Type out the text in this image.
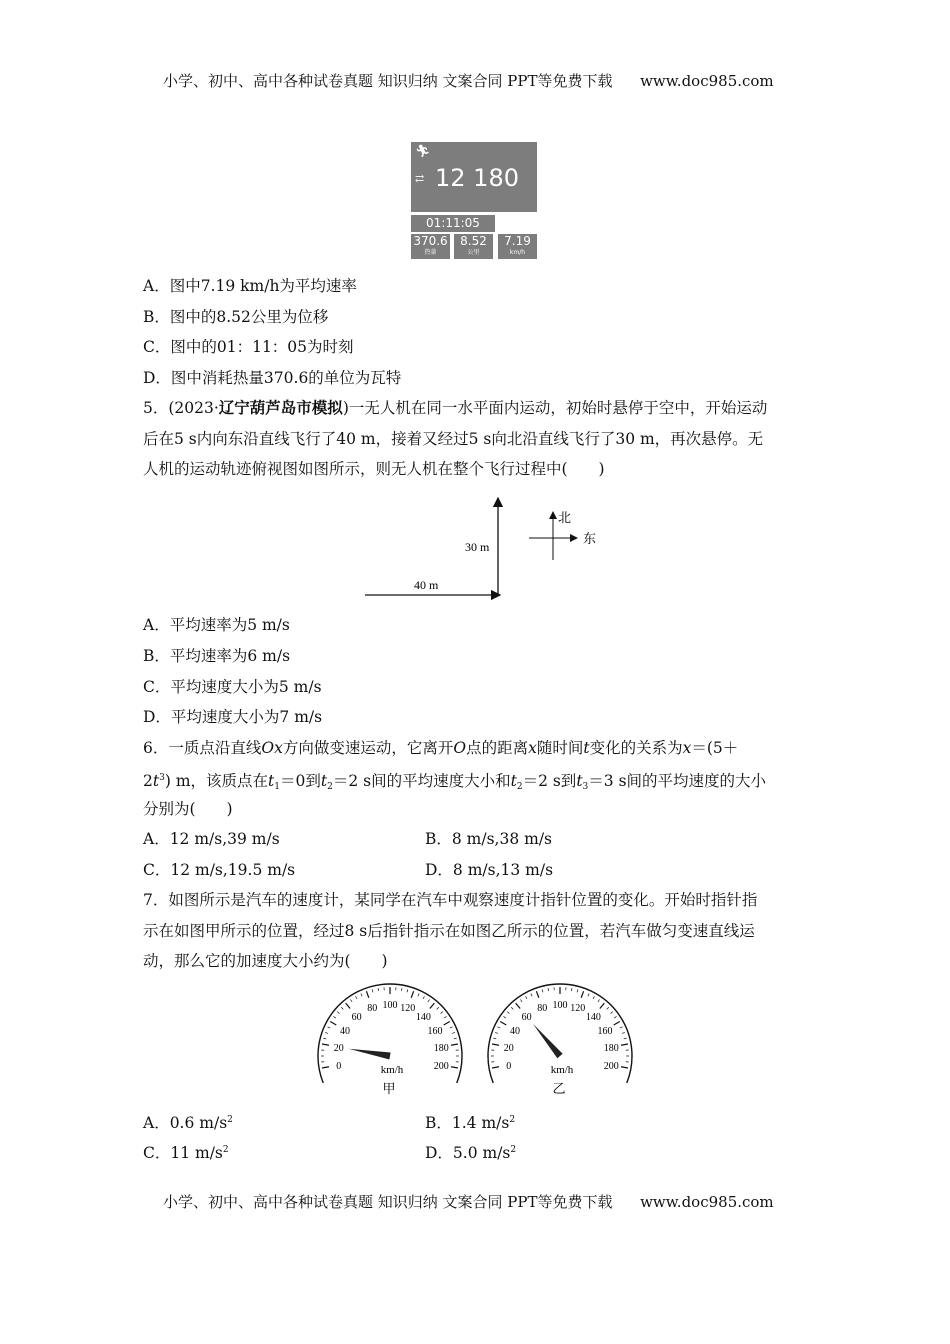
小学、初中、高中各种试卷真题 知识归纳 文案合同 PPT等免费下载 www.doc985.com
🏃︎
⇄ 12 180
01:11:05
370.6
热量
8.52
公里
7.19
km/h
A．图中7.19 km/h为平均速率
B．图中的8.52公里为位移
C．图中的01：11：05为时刻
D．图中消耗热量370.6的单位为瓦特
5．(2023·辽宁葫芦岛市模拟)一无人机在同一水平面内运动，初始时悬停于空中，开始运动
后在5 s内向东沿直线飞行了40 m，接着又经过5 s向北沿直线飞行了30 m，再次悬停。无
人机的运动轨迹俯视图如图所示，则无人机在整个飞行过程中(　　)
40 m
30 m
北
东
A．平均速率为5 m/s
B．平均速率为6 m/s
C．平均速度大小为5 m/s
D．平均速度大小为7 m/s
6．一质点沿直线Ox方向做变速运动，它离开O点的距离x随时间t变化的关系为x＝(5＋
$2t^3$) m，该质点在$t_1=0$到$t_2=2$ s间的平均速度大小和$t_2=2$ s到$t_3=3$ s间的平均速度的大小
分别为(　　)
A．12 m/s,39 m/s	B．8 m/s,38 m/s
C．12 m/s,19.5 m/s	D．8 m/s,13 m/s
7．如图所示是汽车的速度计，某同学在汽车中观察速度计指针位置的变化。开始时指针指
示在如图甲所示的位置，经过8 s后指针指示在如图乙所示的位置，若汽车做匀变速直线运
动，那么它的加速度大小约为(　　)
0
20
40
60
80 100 120
140
160
180
200
km/h
甲
0
20
40
60
80 100 120
140
160
180
200
km/h
乙
A．0.6 $m/s^2$	B．1.4 $m/s^2$
C．11 $m/s^2$	D．5.0 $m/s^2$
小学、初中、高中各种试卷真题 知识归纳 文案合同 PPT等免费下载 www.doc985.com
